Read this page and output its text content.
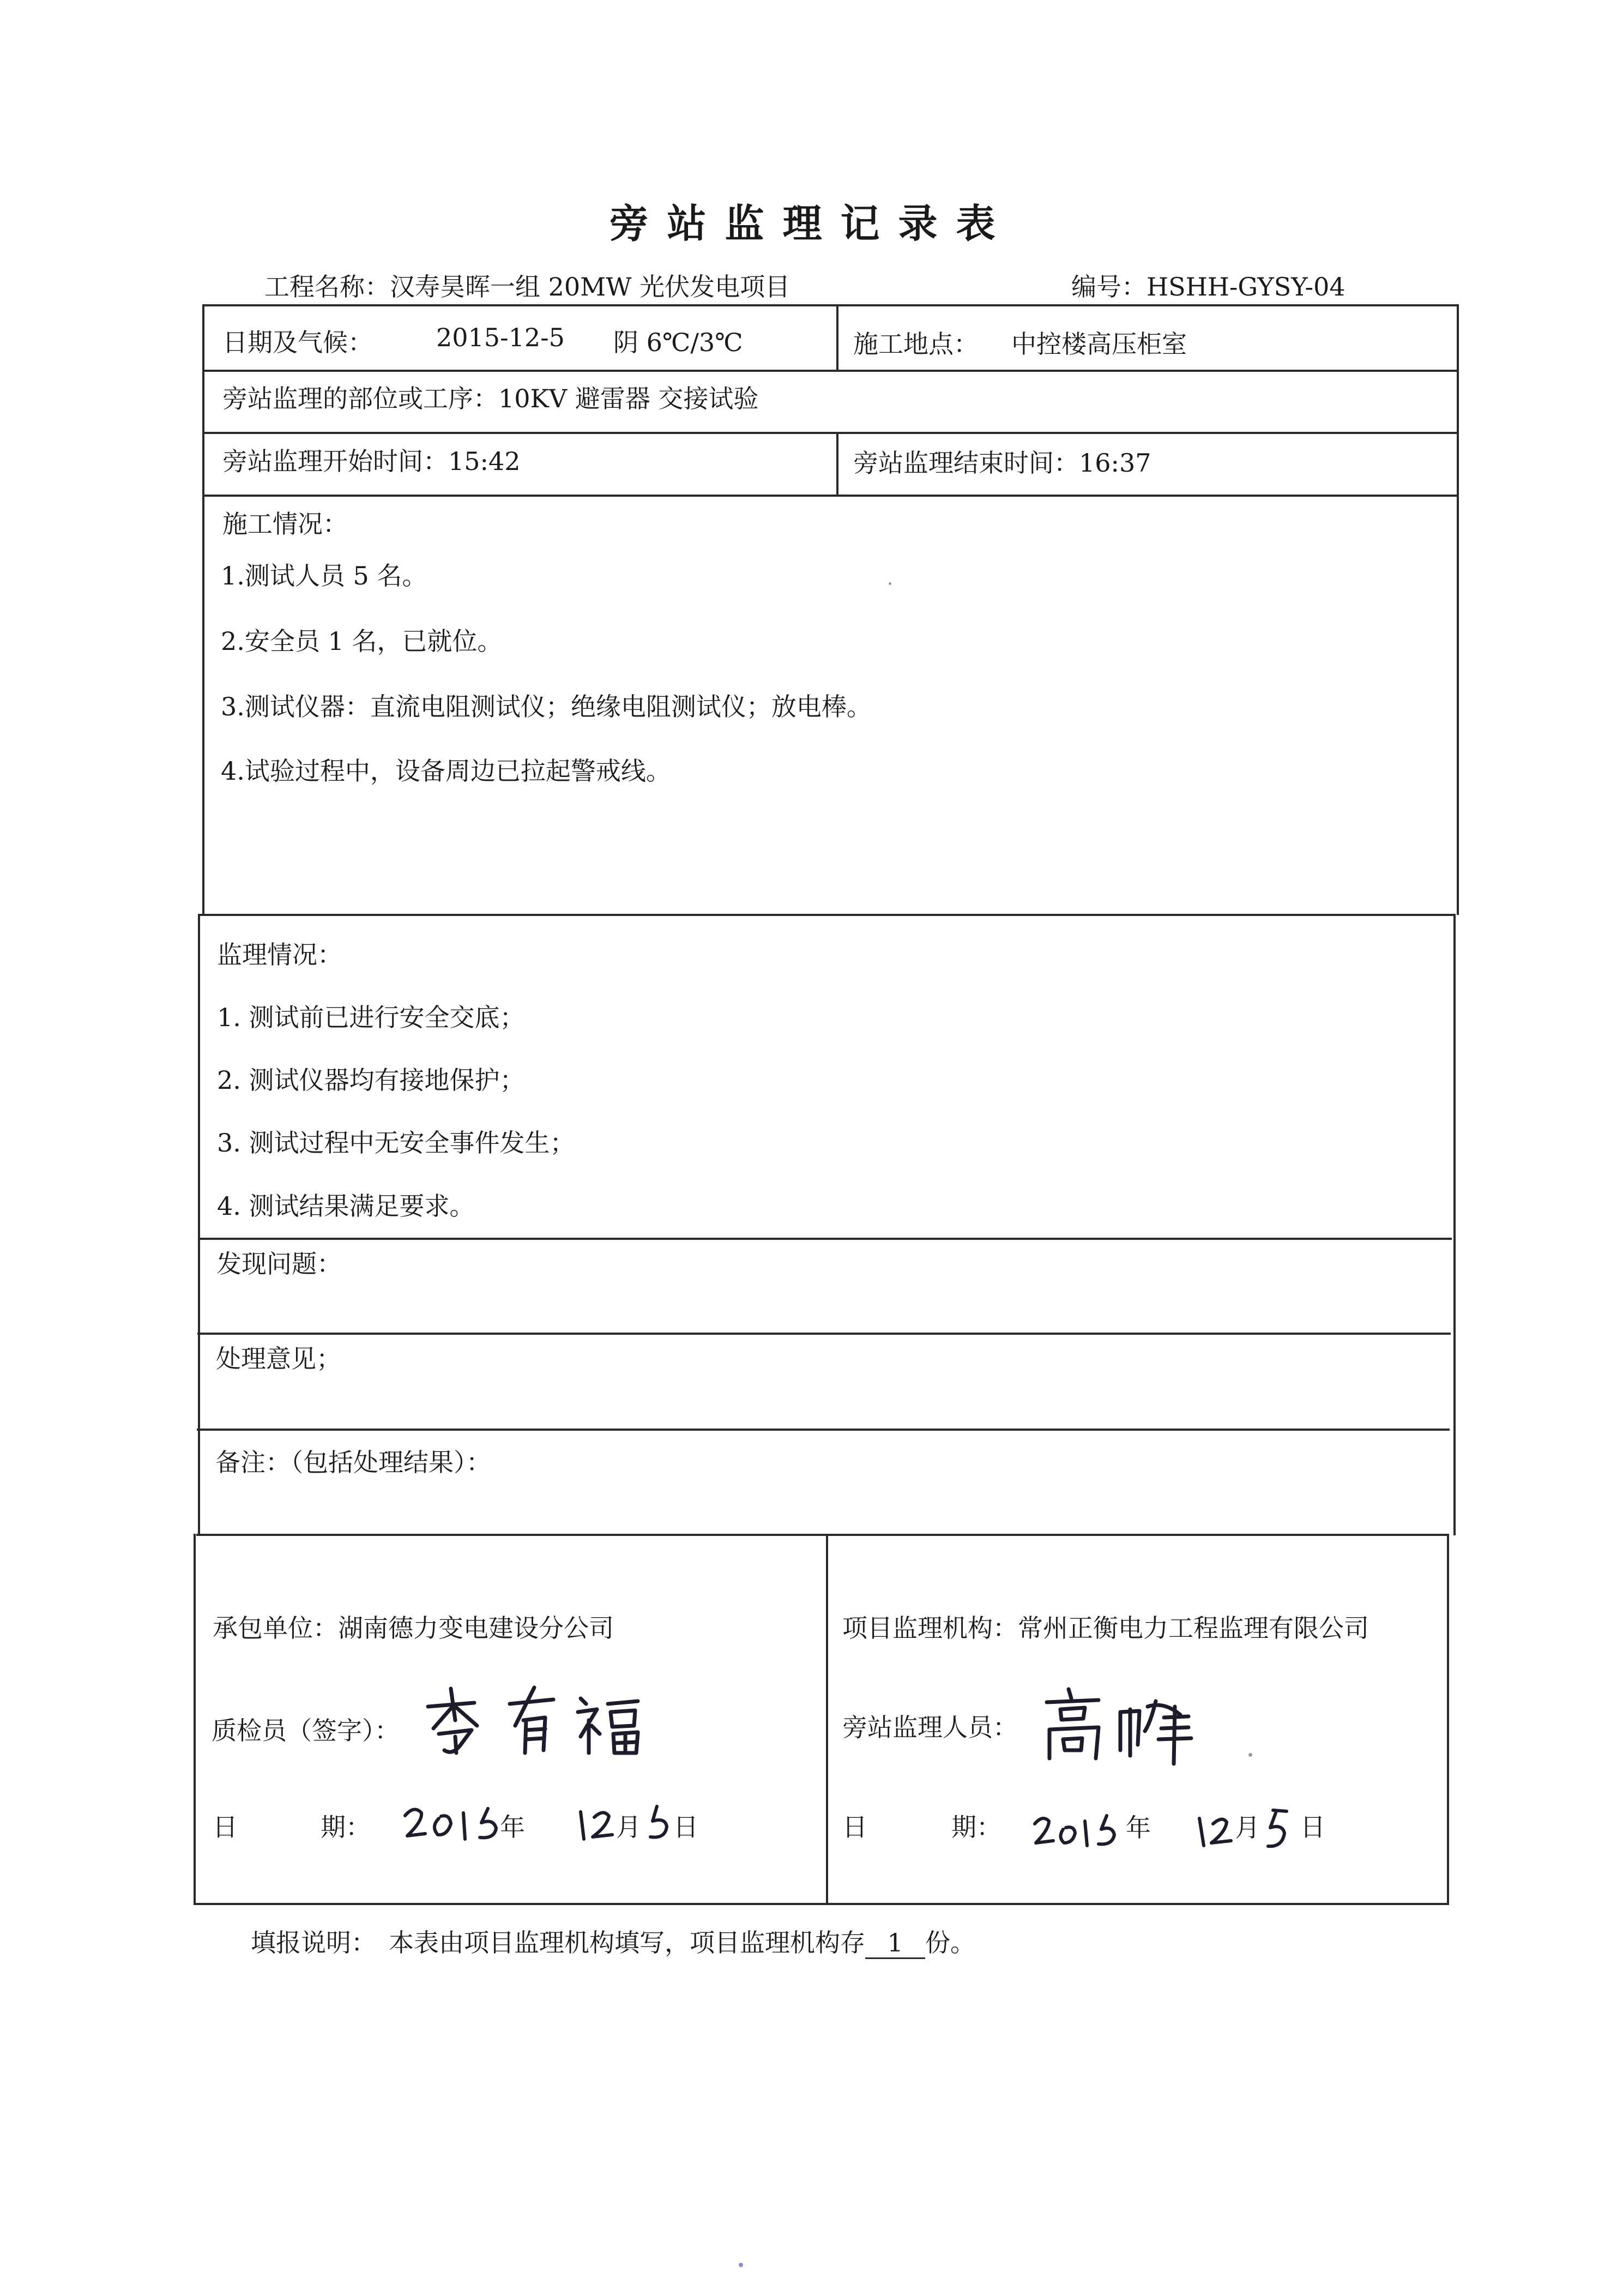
旁站监理记录表
工程名称：汉寿昊晖一组 20MW 光伏发电项目	编号：HSHH-GYSY-04
日期及气候：	2015-12-5 阴 6℃/3℃	施工地点： 中控楼高压柜室
旁站监理的部位或工序：10KV 避雷器 交接试验
旁站监理开始时间：15:42	旁站监理结束时间：16:37
施工情况：
1.测试人员 5 名。
2.安全员 1 名，已就位。
3.测试仪器：直流电阻测试仪；绝缘电阻测试仪；放电棒。
4.试验过程中，设备周边已拉起警戒线。
监理情况：
1. 测试前已进行安全交底；
2. 测试仪器均有接地保护；
3. 测试过程中无安全事件发生；
4. 测试结果满足要求。
发现问题：
处理意见；
备注：（包括处理结果）：
承包单位：湖南德力变电建设分公司
质检员（签字）：
日	期：	年	月 日
项目监理机构：常州正衡电力工程监理有限公司
旁站监理人员：
日	期：	年	月 日
填报说明：　本表由项目监理机构填写，项目监理机构存 1 份。
